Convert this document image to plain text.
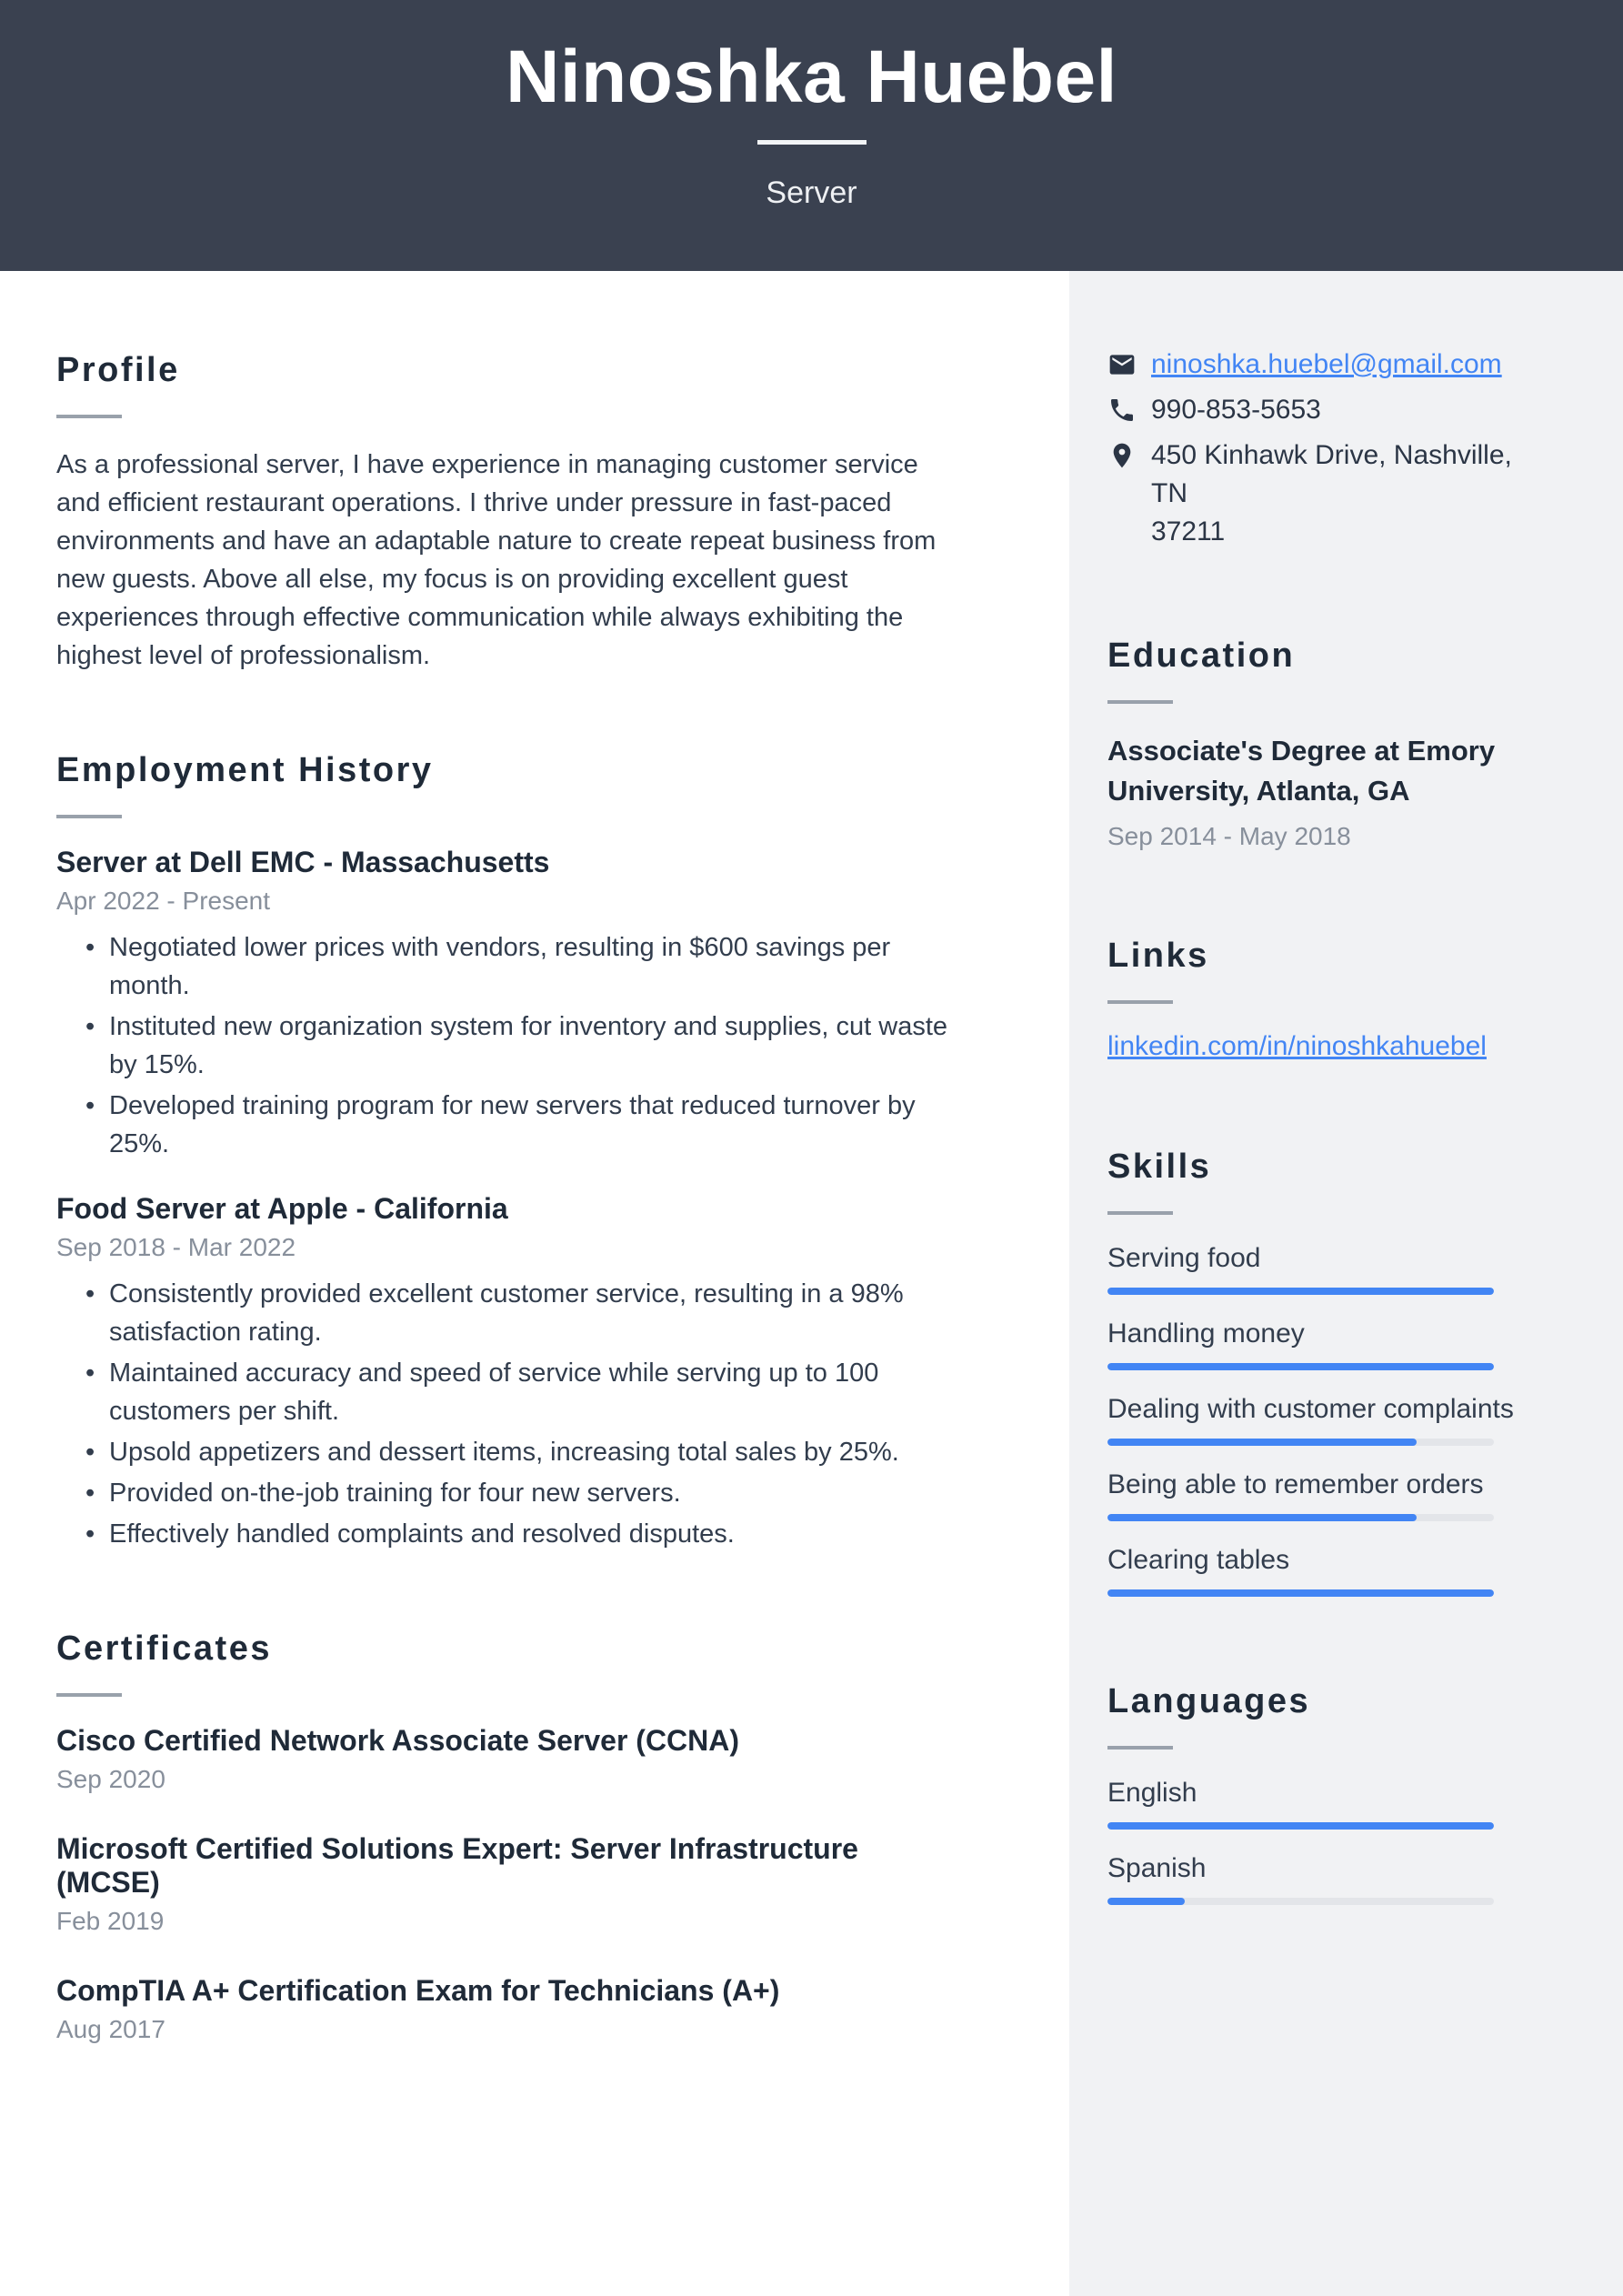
Ninoshka Huebel
Server
Profile

As a professional server, I have experience in managing customer service and efficient restaurant operations. I thrive under pressure in fast-paced environments and have an adaptable nature to create repeat business from new guests. Above all else, my focus is on providing excellent guest experiences through effective communication while always exhibiting the highest level of professionalism.

Employment History
Server at Dell EMC - Massachusetts
Apr 2022 - Present
• Negotiated lower prices with vendors, resulting in $600 savings per month.
• Instituted new organization system for inventory and supplies, cut waste by 15%.
• Developed training program for new servers that reduced turnover by 25%.
Food Server at Apple - California
Sep 2018 - Mar 2022
• Consistently provided excellent customer service, resulting in a 98% satisfaction rating.
• Maintained accuracy and speed of service while serving up to 100 customers per shift.
• Upsold appetizers and dessert items, increasing total sales by 25%.
• Provided on-the-job training for four new servers.
• Effectively handled complaints and resolved disputes.
Certificates
Cisco Certified Network Associate Server (CCNA)
Sep 2020
Microsoft Certified Solutions Expert: Server Infrastructure (MCSE)
Feb 2019
CompTIA A+ Certification Exam for Technicians (A+)
Aug 2017
ninoshka.huebel@gmail.com
990-853-5653
450 Kinhawk Drive, Nashville, TN
37211
Education
Associate's Degree at Emory University, Atlanta, GA
Sep 2014 - May 2018
Links
linkedin.com/in/ninoshkahuebel
Skills
Serving food
Handling money
Dealing with customer complaints
Being able to remember orders
Clearing tables
Languages
English
Spanish
